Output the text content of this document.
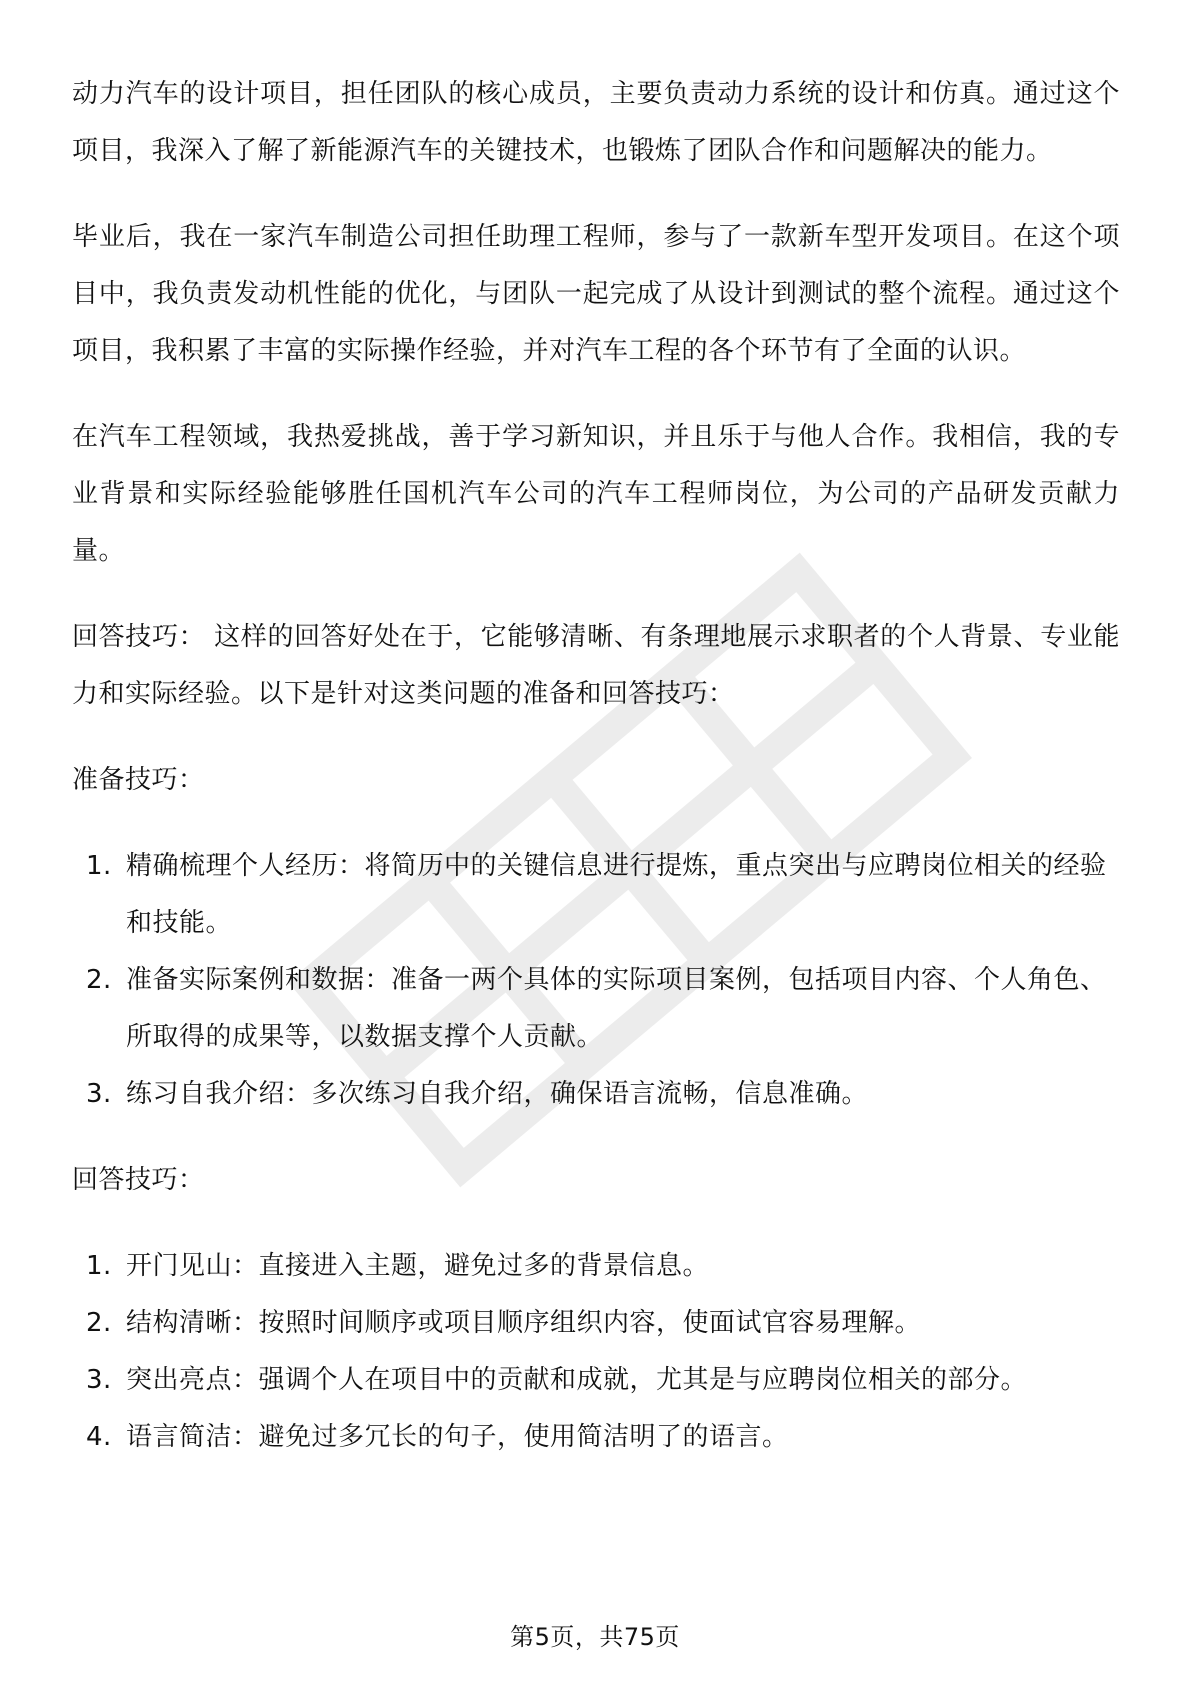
动力汽车的设计项目，担任团队的核心成员，主要负责动力系统的设计和仿真。通过这个项目，我深入了解了新能源汽车的关键技术，也锻炼了团队合作和问题解决的能力。

毕业后，我在一家汽车制造公司担任助理工程师，参与了一款新车型开发项目。在这个项目中，我负责发动机性能的优化，与团队一起完成了从设计到测试的整个流程。通过这个项目，我积累了丰富的实际操作经验，并对汽车工程的各个环节有了全面的认识。

在汽车工程领域，我热爱挑战，善于学习新知识，并且乐于与他人合作。我相信，我的专业背景和实际经验能够胜任国机汽车公司的汽车工程师岗位，为公司的产品研发贡献力量。

回答技巧： 这样的回答好处在于，它能够清晰、有条理地展示求职者的个人背景、专业能力和实际经验。以下是针对这类问题的准备和回答技巧：

准备技巧：

1. 精确梳理个人经历：将简历中的关键信息进行提炼，重点突出与应聘岗位相关的经验和技能。
2. 准备实际案例和数据：准备一两个具体的实际项目案例，包括项目内容、个人角色、所取得的成果等，以数据支撑个人贡献。
3. 练习自我介绍：多次练习自我介绍，确保语言流畅，信息准确。

回答技巧：

1. 开门见山：直接进入主题，避免过多的背景信息。
2. 结构清晰：按照时间顺序或项目顺序组织内容，使面试官容易理解。
3. 突出亮点：强调个人在项目中的贡献和成就，尤其是与应聘岗位相关的部分。
4. 语言简洁：避免过多冗长的句子，使用简洁明了的语言。
第5页，共75页
